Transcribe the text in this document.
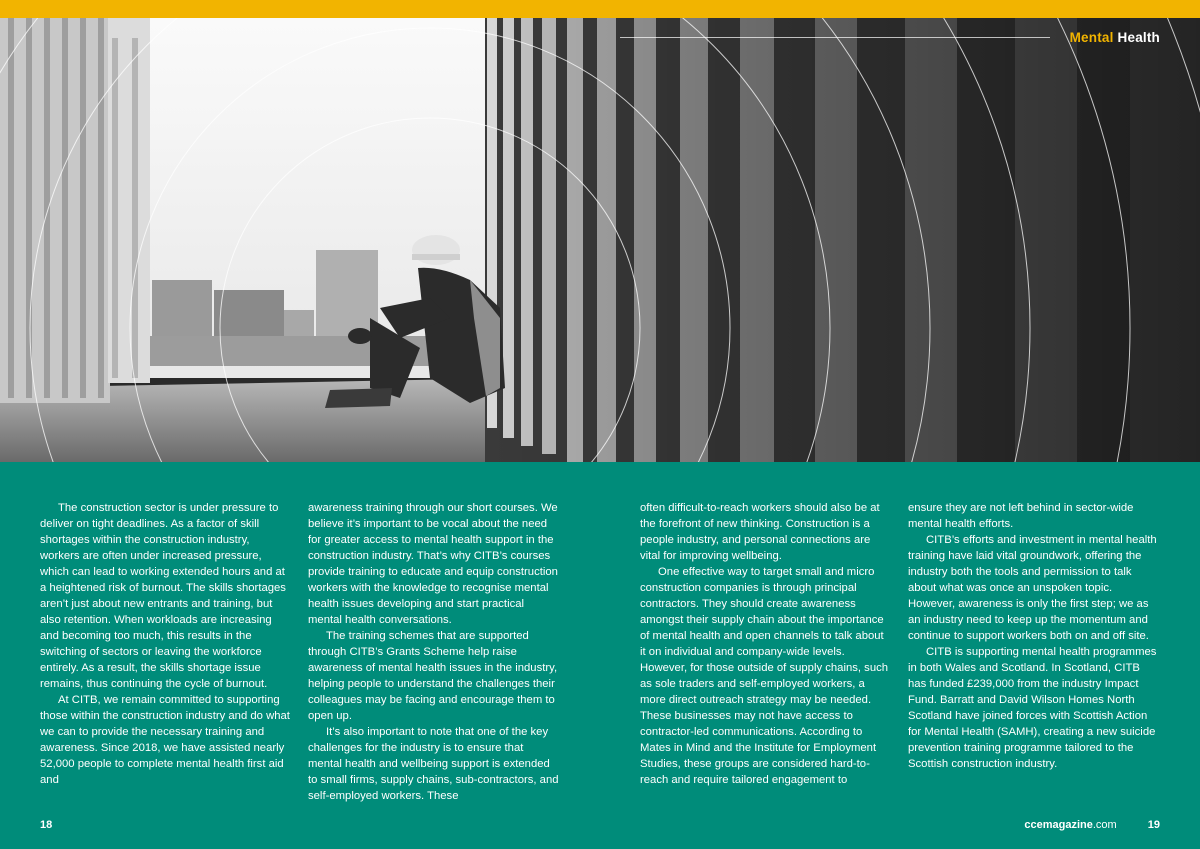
Mental Health

The construction sector is under pressure to deliver on tight deadlines. As a factor of skill shortages within the construction industry, workers are often under increased pressure, which can lead to working extended hours and at a heightened risk of burnout. The skills shortages aren’t just about new entrants and training, but also retention. When workloads are increasing and becoming too much, this results in the switching of sectors or leaving the workforce entirely. As a result, the skills shortage issue remains, thus continuing the cycle of burnout.

At CITB, we remain committed to supporting those within the construction industry and do what we can to provide the necessary training and awareness. Since 2018, we have assisted nearly 52,000 people to complete mental health first aid and

awareness training through our short courses. We believe it’s important to be vocal about the need for greater access to mental health support in the construction industry. That’s why CITB’s courses provide training to educate and equip construction workers with the knowledge to recognise mental health issues developing and start practical mental health conversations.

The training schemes that are supported through CITB’s Grants Scheme help raise awareness of mental health issues in the industry, helping people to understand the challenges their colleagues may be facing and encourage them to open up.

It’s also important to note that one of the key challenges for the industry is to ensure that mental health and wellbeing support is extended to small firms, supply chains, sub-contractors, and self-employed workers. These

often difficult-to-reach workers should also be at the forefront of new thinking. Construction is a people industry, and personal connections are vital for improving wellbeing.

One effective way to target small and micro construction companies is through principal contractors. They should create awareness amongst their supply chain about the importance of mental health and open channels to talk about it on individual and company-wide levels. However, for those outside of supply chains, such as sole traders and self-employed workers, a more direct outreach strategy may be needed. These businesses may not have access to contractor-led communications. According to Mates in Mind and the Institute for Employment Studies, these groups are considered hard-to-reach and require tailored engagement to

ensure they are not left behind in sector-wide mental health efforts.

CITB’s efforts and investment in mental health training have laid vital groundwork, offering the industry both the tools and permission to talk about what was once an unspoken topic. However, awareness is only the first step; we as an industry need to keep up the momentum and continue to support workers both on and off site.

CITB is supporting mental health programmes in both Wales and Scotland. In Scotland, CITB has funded £239,000 from the industry Impact Fund. Barratt and David Wilson Homes North Scotland have joined forces with Scottish Action for Mental Health (SAMH), creating a new suicide prevention training programme tailored to the Scottish construction industry.

18	ccemagazine.com	19
